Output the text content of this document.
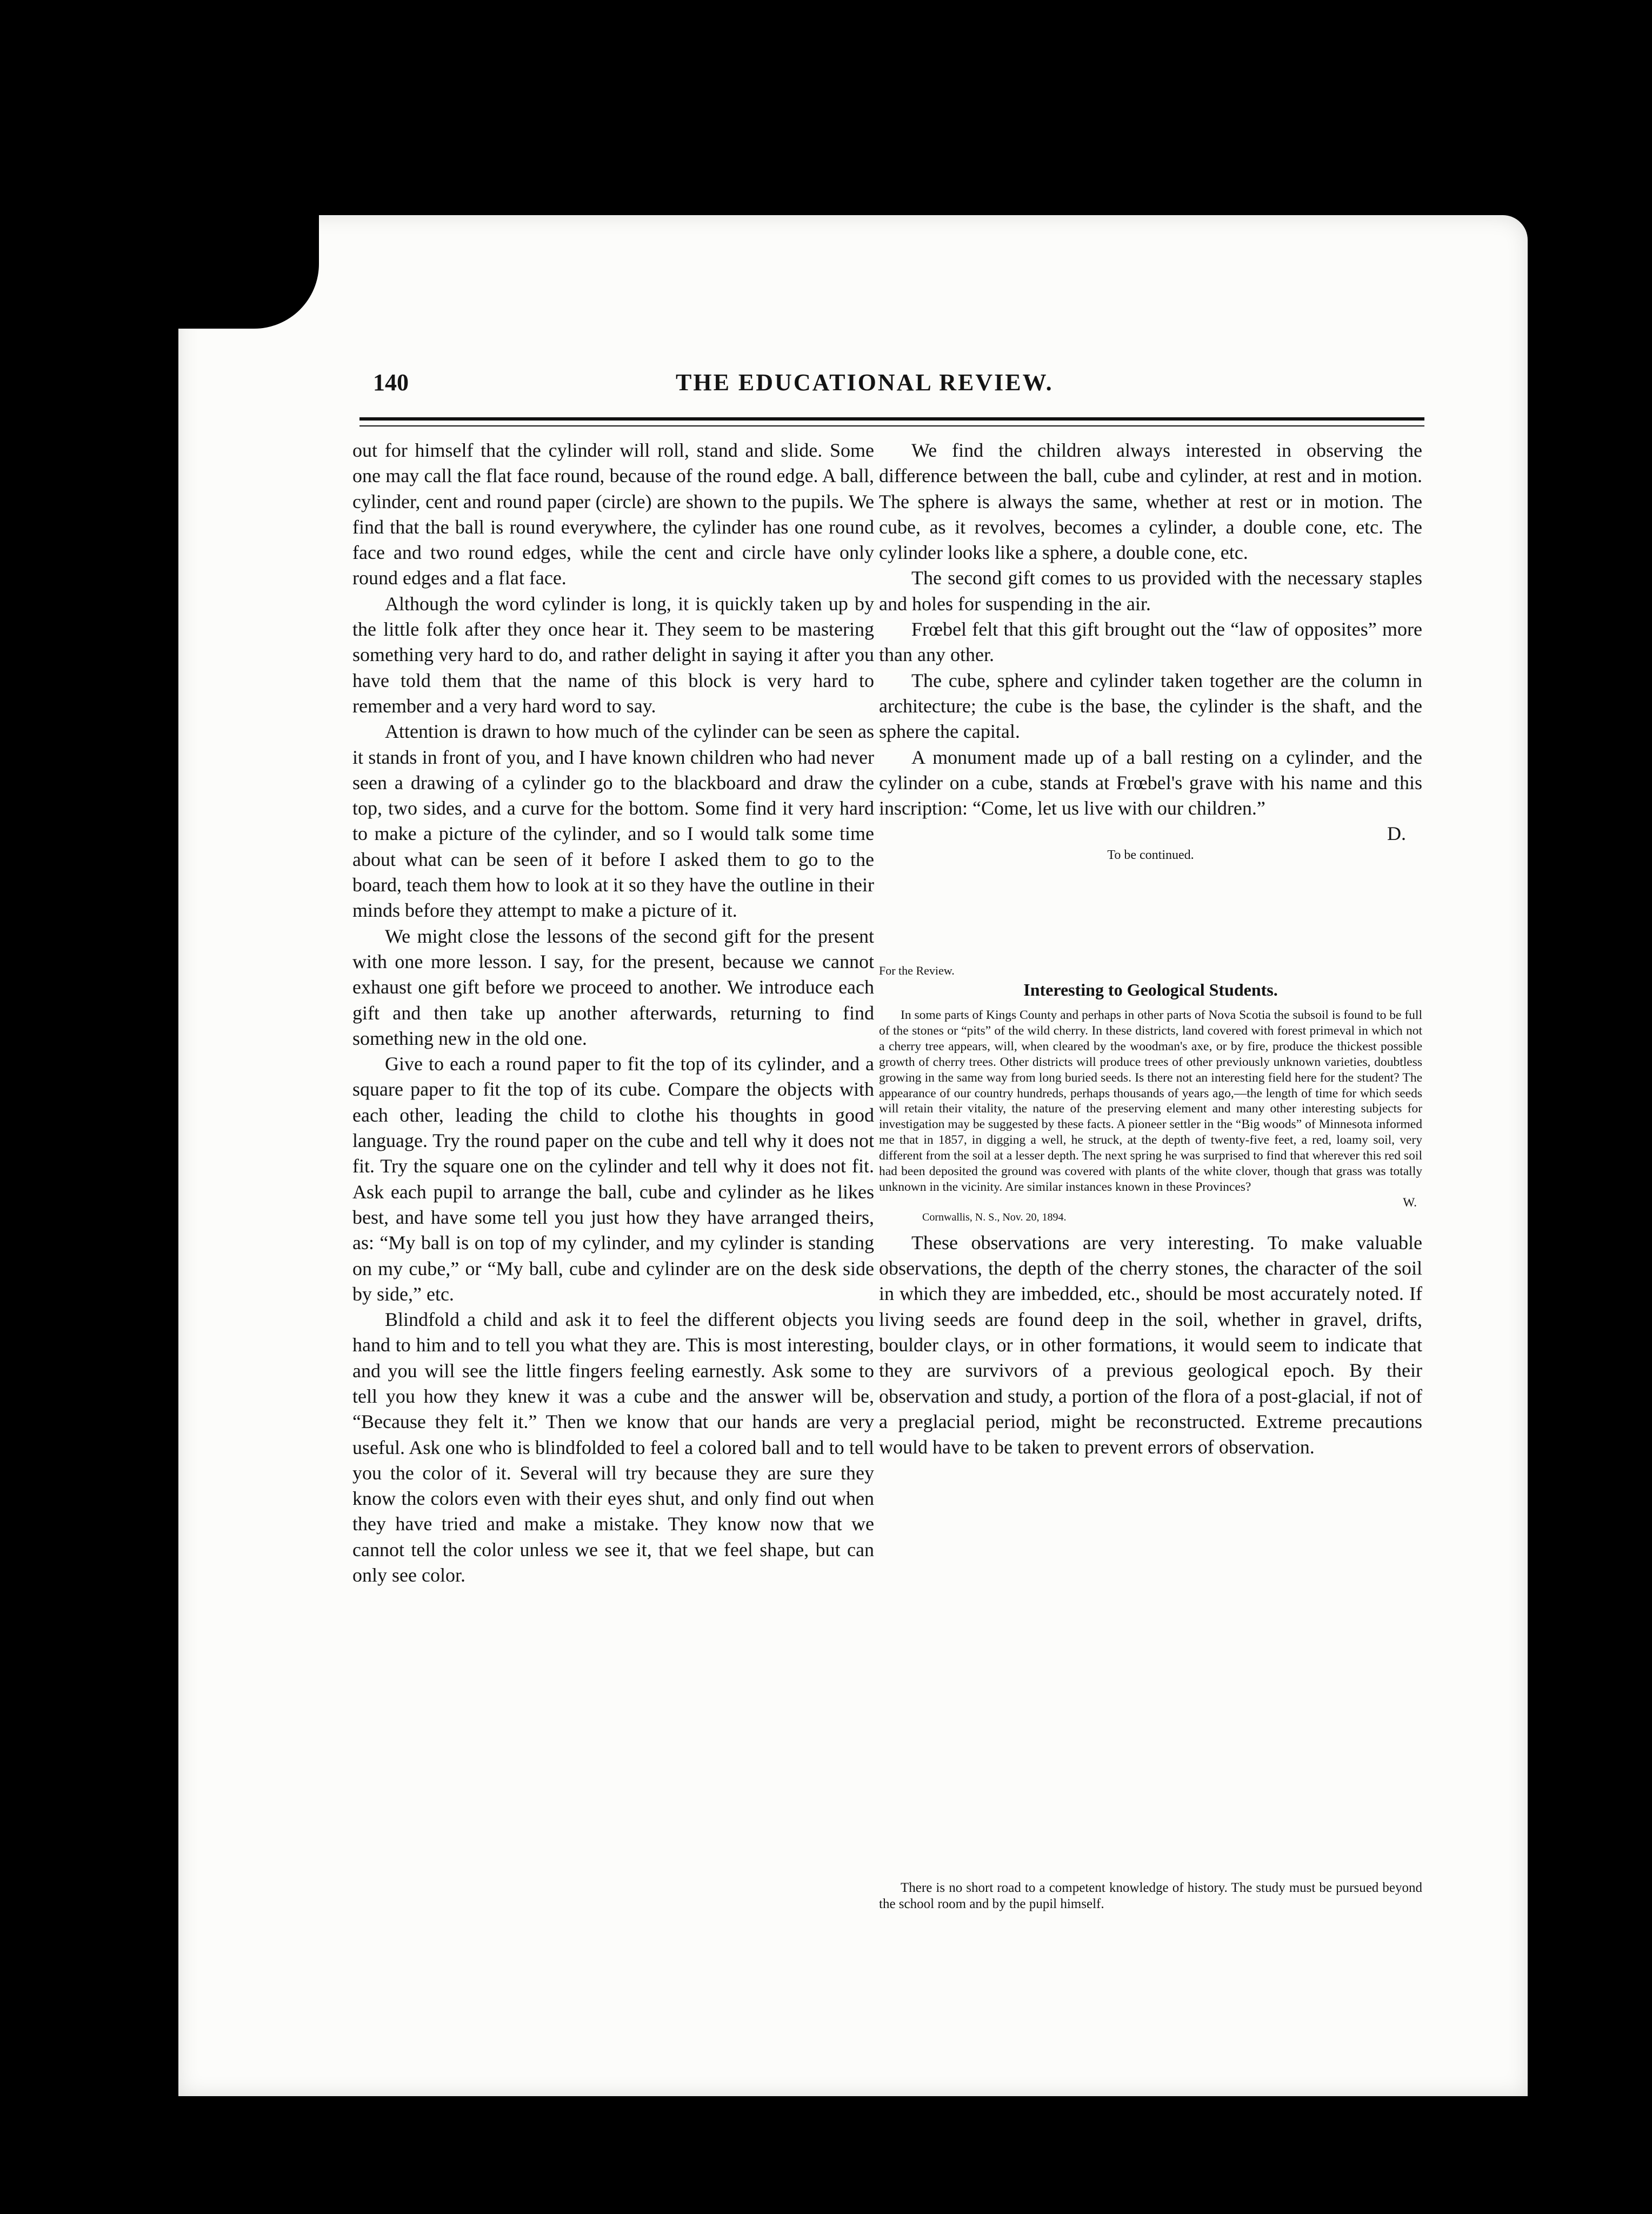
140	THE EDUCATIONAL REVIEW.

out for himself that the cylinder will roll, stand and slide. Some one may call the flat face round, because of the round edge. A ball, cylinder, cent and round paper (circle) are shown to the pupils. We find that the ball is round everywhere, the cylinder has one round face and two round edges, while the cent and circle have only round edges and a flat face.

Although the word cylinder is long, it is quickly taken up by the little folk after they once hear it. They seem to be mastering something very hard to do, and rather delight in saying it after you have told them that the name of this block is very hard to remember and a very hard word to say.

Attention is drawn to how much of the cylinder can be seen as it stands in front of you, and I have known children who had never seen a drawing of a cylinder go to the blackboard and draw the top, two sides, and a curve for the bottom. Some find it very hard to make a picture of the cylinder, and so I would talk some time about what can be seen of it before I asked them to go to the board, teach them how to look at it so they have the outline in their minds before they attempt to make a picture of it.

We might close the lessons of the second gift for the present with one more lesson. I say, for the present, because we cannot exhaust one gift before we proceed to another. We introduce each gift and then take up another afterwards, returning to find something new in the old one.

Give to each a round paper to fit the top of its cylinder, and a square paper to fit the top of its cube. Compare the objects with each other, leading the child to clothe his thoughts in good language. Try the round paper on the cube and tell why it does not fit. Try the square one on the cylinder and tell why it does not fit. Ask each pupil to arrange the ball, cube and cylinder as he likes best, and have some tell you just how they have arranged theirs, as: “My ball is on top of my cylinder, and my cylinder is standing on my cube,” or “My ball, cube and cylinder are on the desk side by side,” etc.

Blindfold a child and ask it to feel the different objects you hand to him and to tell you what they are. This is most interesting, and you will see the little fingers feeling earnestly. Ask some to tell you how they knew it was a cube and the answer will be, “Because they felt it.” Then we know that our hands are very useful. Ask one who is blindfolded to feel a colored ball and to tell you the color of it. Several will try because they are sure they know the colors even with their eyes shut, and only find out when they have tried and make a mistake. They know now that we cannot tell the color unless we see it, that we feel shape, but can only see color.

We find the children always interested in observing the difference between the ball, cube and cylinder, at rest and in motion. The sphere is always the same, whether at rest or in motion. The cube, as it revolves, becomes a cylinder, a double cone, etc. The cylinder looks like a sphere, a double cone, etc.

The second gift comes to us provided with the necessary staples and holes for suspending in the air.

Frœbel felt that this gift brought out the “law of opposites” more than any other.

The cube, sphere and cylinder taken together are the column in architecture; the cube is the base, the cylinder is the shaft, and the sphere the capital.

A monument made up of a ball resting on a cylinder, and the cylinder on a cube, stands at Frœbel's grave with his name and this inscription: “Come, let us live with our children.”

D.
To be continued.
For the Review.
Interesting to Geological Students.

In some parts of Kings County and perhaps in other parts of Nova Scotia the subsoil is found to be full of the stones or “pits” of the wild cherry. In these districts, land covered with forest primeval in which not a cherry tree appears, will, when cleared by the woodman's axe, or by fire, produce the thickest possible growth of cherry trees. Other districts will produce trees of other previously unknown varieties, doubtless growing in the same way from long buried seeds. Is there not an interesting field here for the student? The appearance of our country hundreds, perhaps thousands of years ago,—the length of time for which seeds will retain their vitality, the nature of the preserving element and many other interesting subjects for investigation may be suggested by these facts. A pioneer settler in the “Big woods” of Minnesota informed me that in 1857, in digging a well, he struck, at the depth of twenty-five feet, a red, loamy soil, very different from the soil at a lesser depth. The next spring he was surprised to find that wherever this red soil had been deposited the ground was covered with plants of the white clover, though that grass was totally unknown in the vicinity. Are similar instances known in these Provinces?

W.
Cornwallis, N. S., Nov. 20, 1894.

These observations are very interesting. To make valuable observations, the depth of the cherry stones, the character of the soil in which they are imbedded, etc., should be most accurately noted. If living seeds are found deep in the soil, whether in gravel, drifts, boulder clays, or in other formations, it would seem to indicate that they are survivors of a previous geological epoch. By their observation and study, a portion of the flora of a post-glacial, if not of a preglacial period, might be reconstructed. Extreme precautions would have to be taken to prevent errors of observation.

There is no short road to a competent knowledge of history. The study must be pursued beyond the school room and by the pupil himself.
